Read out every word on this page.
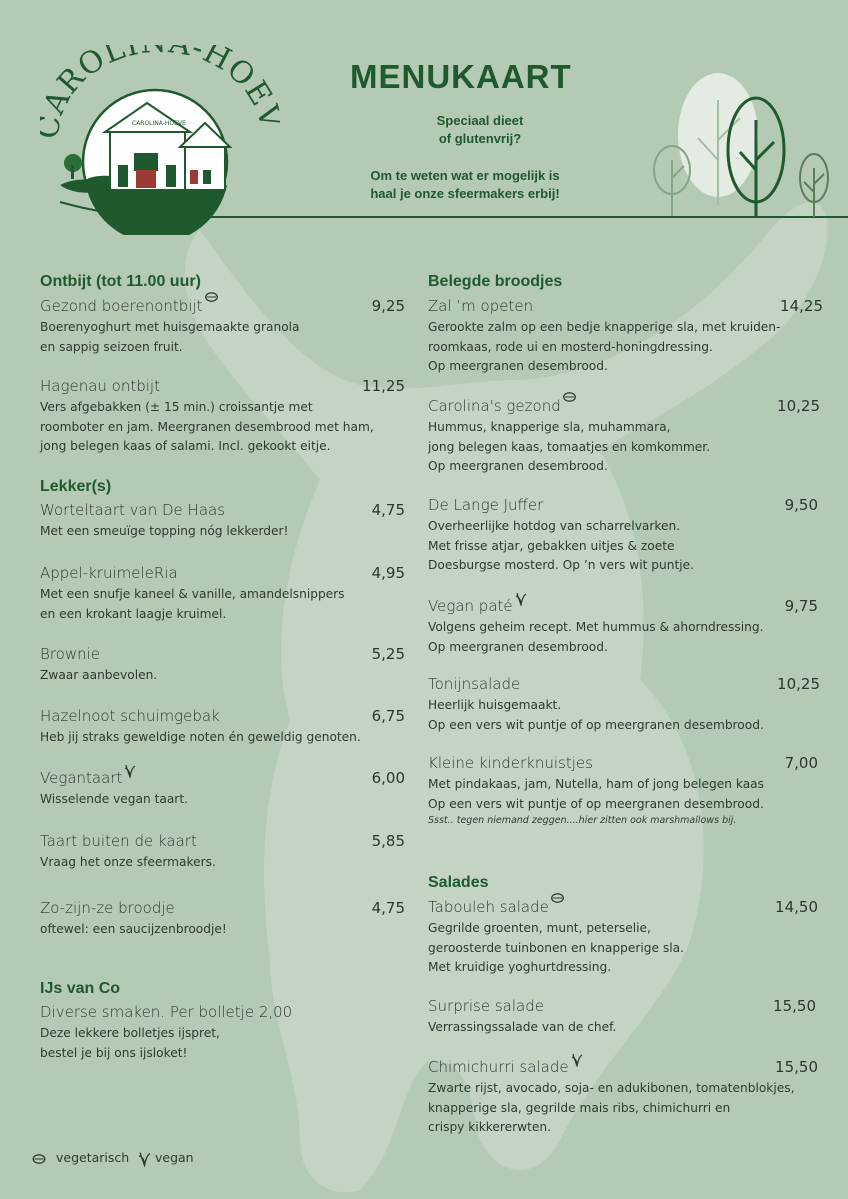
AROLI -HOE
CAROLINA-HOEVE
MENUKAART
Speciaal dieet
of glutenvrij?
Om te weten wat er mogelijk is
haal je onze sfeermakers erbij!
Ontbijt (tot 11.00 uur)
Gezond boerenontbijt	9,25
Boerenyoghurt met huisgemaakte granola
en sappig seizoen fruit.
Hagenau ontbijt	11,25
Vers afgebakken (± 15 min.) croissantje met
roomboter en jam. Meergranen desembrood met ham,
jong belegen kaas of salami. Incl. gekookt eitje.
Lekker(s)
Worteltaart van De Haas	4,75
Met een smeuïge topping nóg lekkerder!
Appel-kruimeleRia	4,95
Met een snufje kaneel & vanille, amandelsnippers
en een krokant laagje kruimel.
Brownie	5,25
Zwaar aanbevolen.
Hazelnoot schuimgebak	6,75
Heb jij straks geweldige noten én geweldig genoten.
Vegantaart	6,00
Wisselende vegan taart.
Taart buiten de kaart	5,85
Vraag het onze sfeermakers.
Zo-zijn-ze broodje	4,75
oftewel: een saucijzenbroodje!
IJs van Co
Diverse smaken. Per bolletje 2,00
Deze lekkere bolletjes ijspret,
bestel je bij ons ijsloket!
vegetarisch	vegan
Belegde broodjes
Zal ’m opeten	14,25
Gerookte zalm op een bedje knapperige sla, met kruiden-
roomkaas, rode ui en mosterd-honingdressing.
Op meergranen desembrood.
Carolina's gezond	10,25
Hummus, knapperige sla, muhammara,
jong belegen kaas, tomaatjes en komkommer.
Op meergranen desembrood.
De Lange Juffer	9,50
Overheerlijke hotdog van scharrelvarken.
Met frisse atjar, gebakken uitjes & zoete
Doesburgse mosterd. Op ’n vers wit puntje.
Vegan paté	9,75
Volgens geheim recept. Met hummus & ahorndressing.
Op meergranen desembrood.
Tonijnsalade	10,25
Heerlijk huisgemaakt.
Op een vers wit puntje of op meergranen desembrood.
Kleine kinderknuistjes	7,00
Met pindakaas, jam, Nutella, ham of jong belegen kaas
Op een vers wit puntje of op meergranen desembrood.
Ssst.. tegen niemand zeggen....hier zitten ook marshmallows bij.
Salades
Tabouleh salade	14,50
Gegrilde groenten, munt, peterselie,
geroosterde tuinbonen en knapperige sla.
Met kruidige yoghurtdressing.
Surprise salade	15,50
Verrassingssalade van de chef.
Chimichurri salade	15,50
Zwarte rijst, avocado, soja- en adukibonen, tomatenblokjes,
knapperige sla, gegrilde mais ribs, chimichurri en
crispy kikkererwten.
